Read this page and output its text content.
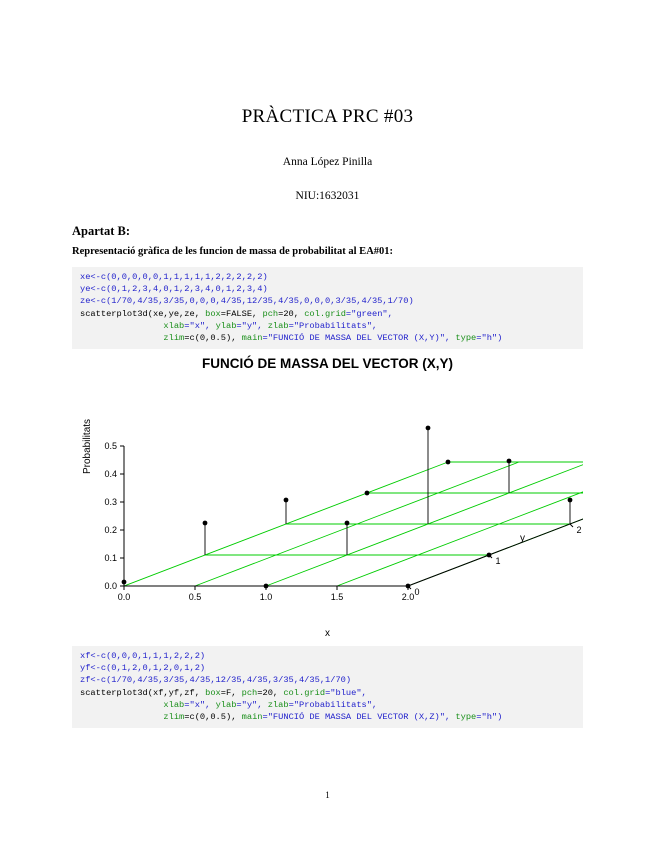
PRÀCTICA PRC #03
Anna López Pinilla
NIU:1632031
Apartat B:
Representació gràfica de les funcion de massa de probabilitat al EA#01:
xe<-c(0,0,0,0,0,1,1,1,1,1,2,2,2,2,2)
ye<-c(0,1,2,3,4,0,1,2,3,4,0,1,2,3,4)
ze<-c(1/70,4/35,3/35,0,0,0,4/35,12/35,4/35,0,0,0,3/35,4/35,1/70)
scatterplot3d(xe,ye,ze, box=FALSE, pch=20, col.grid="green",
xlab="x", ylab="y", zlab="Probabilitats",
zlim=c(0,0.5), main="FUNCIÓ DE MASSA DEL VECTOR (X,Y)", type="h")
FUNCIÓ DE MASSA DEL VECTOR (X,Y)
Probabilitats
x
y
0.0
0.1
0.2
0.3
0.4
0.5
0.0	0.5	1.0	1.5	2.0 0
1
2
xf<-c(0,0,0,1,1,1,2,2,2)
yf<-c(0,1,2,0,1,2,0,1,2)
zf<-c(1/70,4/35,3/35,4/35,12/35,4/35,3/35,4/35,1/70)
scatterplot3d(xf,yf,zf, box=F, pch=20, col.grid="blue",
xlab="x", ylab="y", zlab="Probabilitats",
zlim=c(0,0.5), main="FUNCIÓ DE MASSA DEL VECTOR (X,Z)", type="h")
1
